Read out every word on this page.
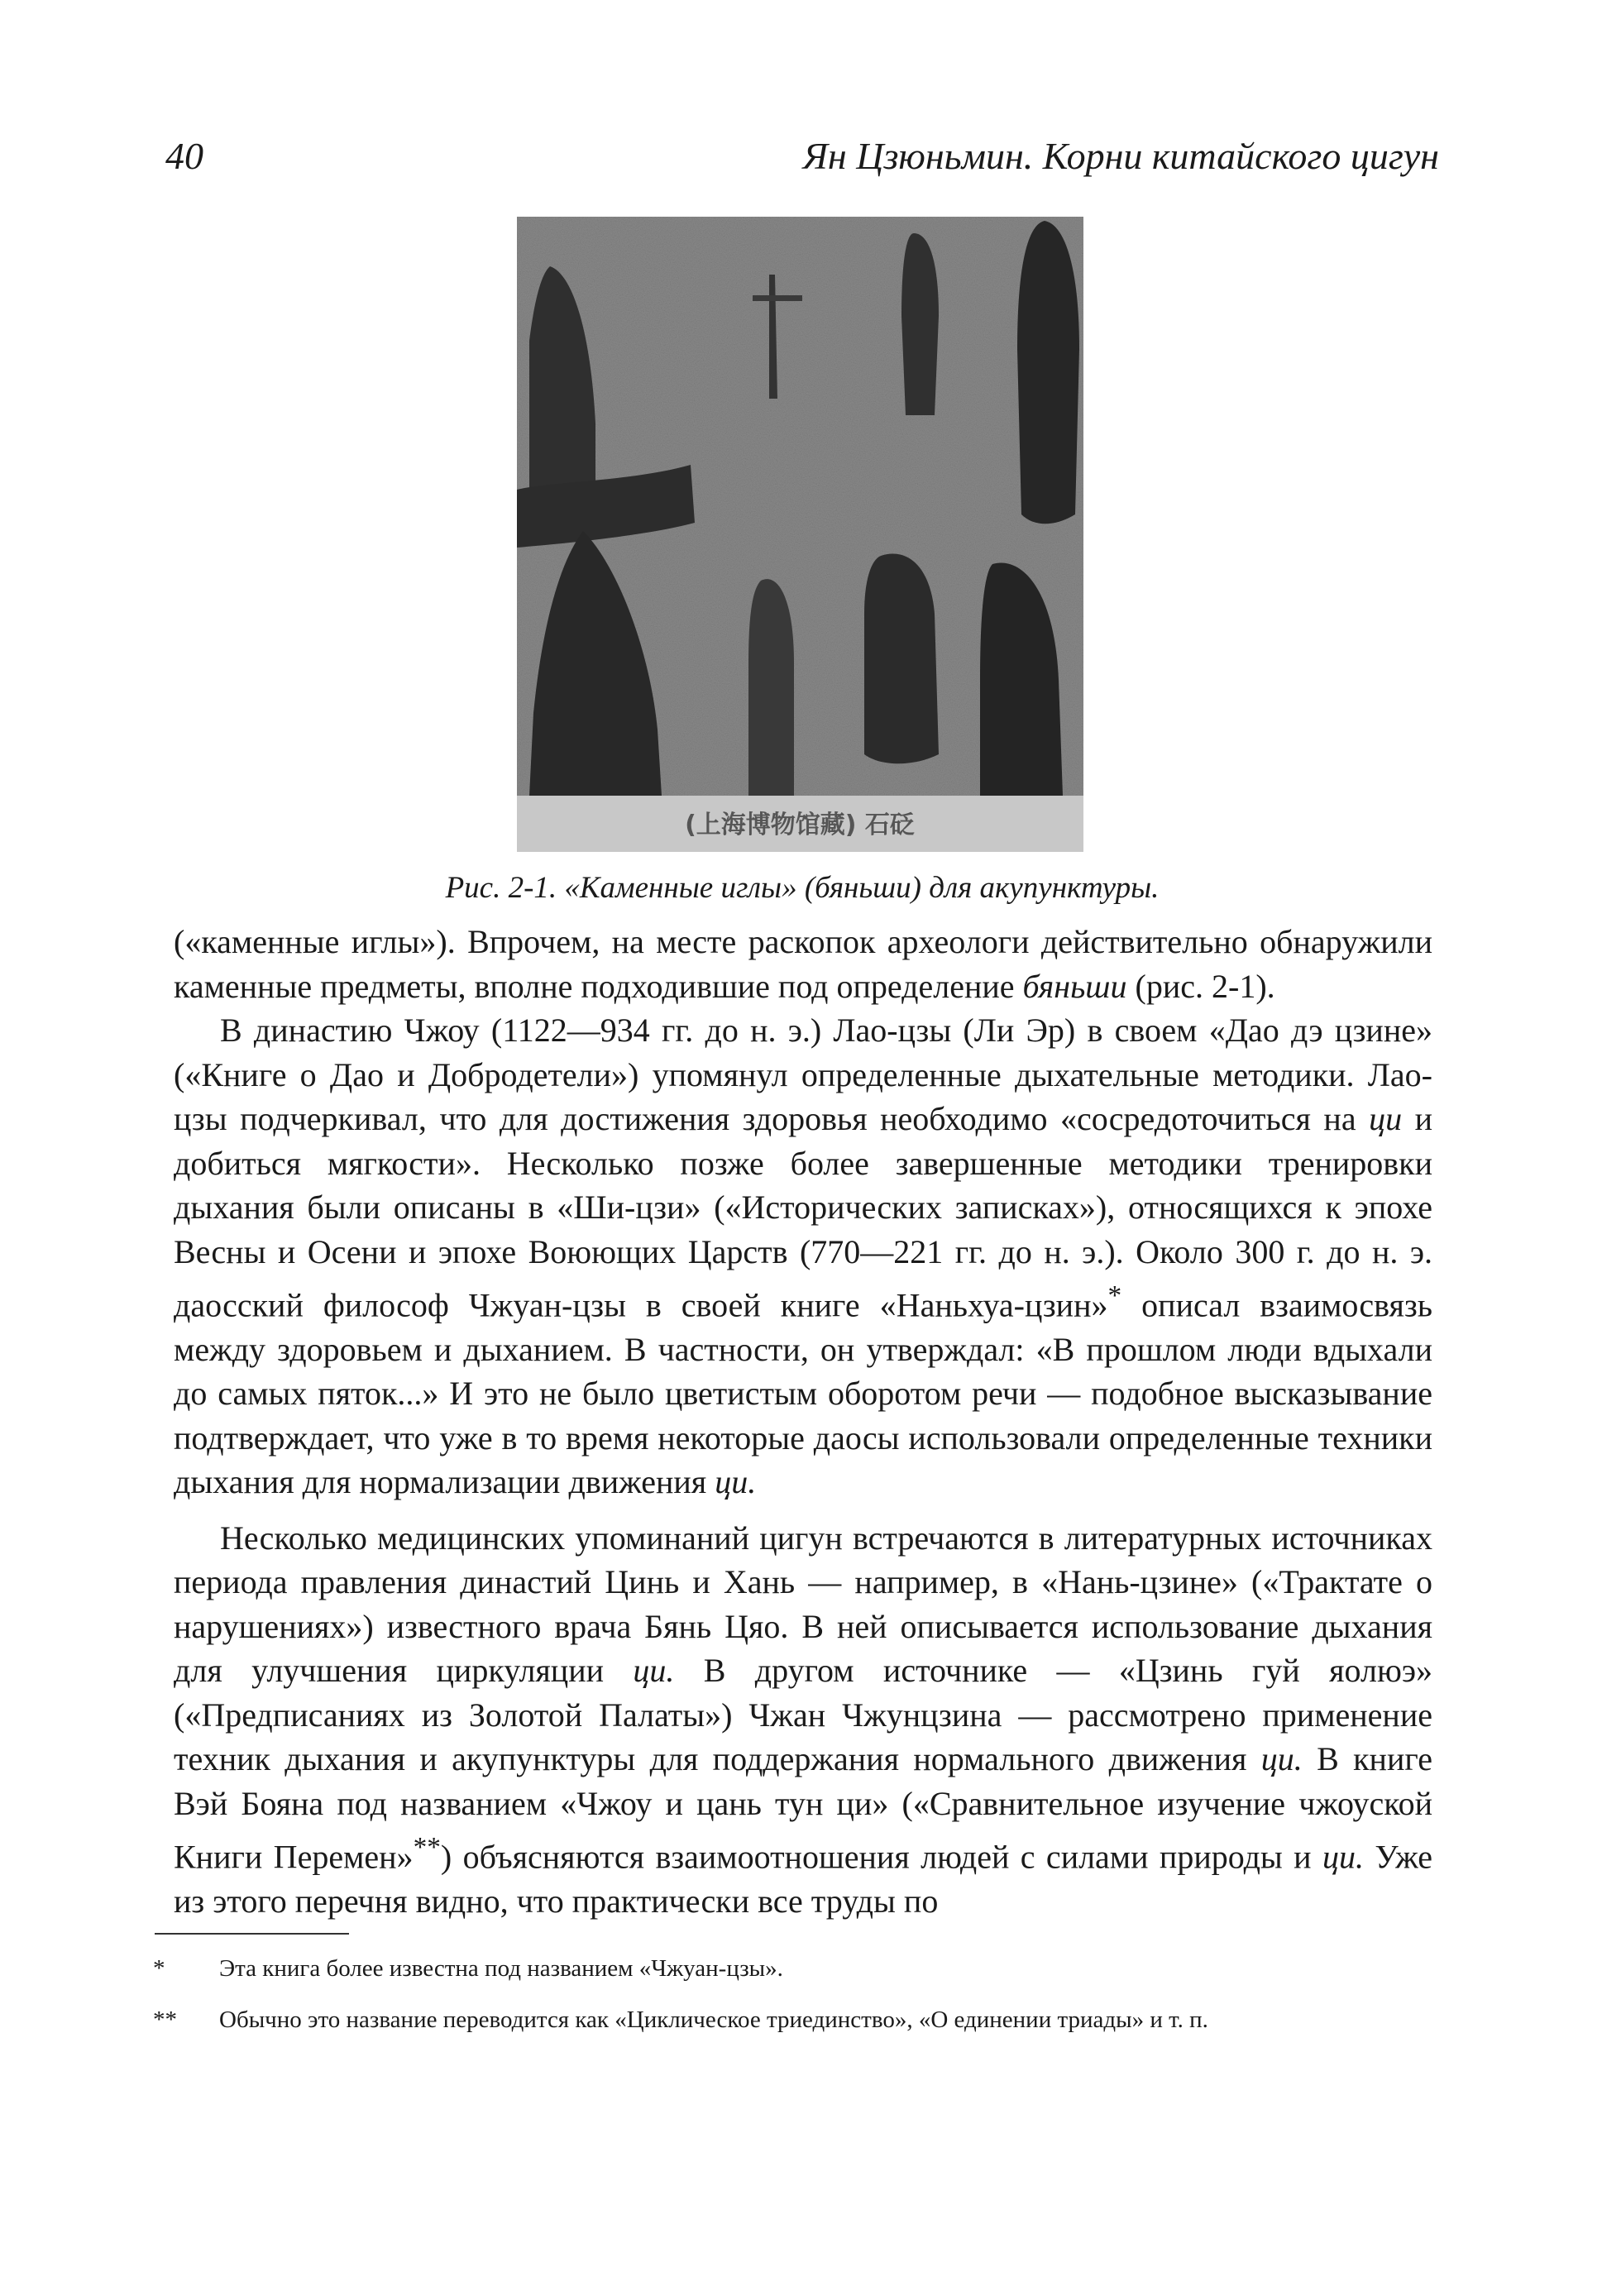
40	Ян Цзюньмин. Корни китайского цигун
(上海博物馆藏) 石砭
Рис. 2-1. «Каменные иглы» (бяньши) для акупунктуры.

(«каменные иглы»). Впрочем, на месте раскопок археологи действительно обнаружили каменные предметы, вполне подходившие под определение бяньши (рис. 2-1).

В династию Чжоу (1122—934 гг. до н. э.) Лао-цзы (Ли Эр) в своем «Дао дэ цзине» («Книге о Дао и Добродетели») упомянул определенные дыхательные методики. Лао-цзы подчеркивал, что для достижения здоровья необходимо «сосредоточиться на ци и добиться мягкости». Несколько позже более завершенные методики тренировки дыхания были описаны в «Ши-цзи» («Исторических записках»), относящихся к эпохе Весны и Осени и эпохе Воюющих Царств (770—221 гг. до н. э.). Около 300 г. до н. э. даосский философ Чжуан-цзы в своей книге «Наньхуа-цзин»* описал взаимосвязь между здоровьем и дыханием. В частности, он утверждал: «В прошлом люди вдыхали до самых пяток...» И это не было цветистым оборотом речи — подобное высказывание подтверждает, что уже в то время некоторые даосы использовали определенные техники дыхания для нормализации движения ци.

Несколько медицинских упоминаний цигун встречаются в литературных источниках периода правления династий Цинь и Хань — например, в «Нань-цзине» («Трактате о нарушениях») известного врача Бянь Цяо. В ней описывается использование дыхания для улучшения циркуляции ци. В другом источнике — «Цзинь гуй яолюэ» («Предписаниях из Золотой Палаты») Чжан Чжунцзина — рассмотрено применение техник дыхания и акупунктуры для поддержания нормального движения ци. В книге Вэй Бояна под названием «Чжоу и цань тун ци» («Сравнительное изучение чжоуской Книги Перемен»**) объясняются взаимоотношения людей с силами природы и ци. Уже из этого перечня видно, что практически все труды по

* Эта книга более известна под названием «Чжуан-цзы».
** Обычно это название переводится как «Циклическое триединство», «О единении триады» и т. п.
